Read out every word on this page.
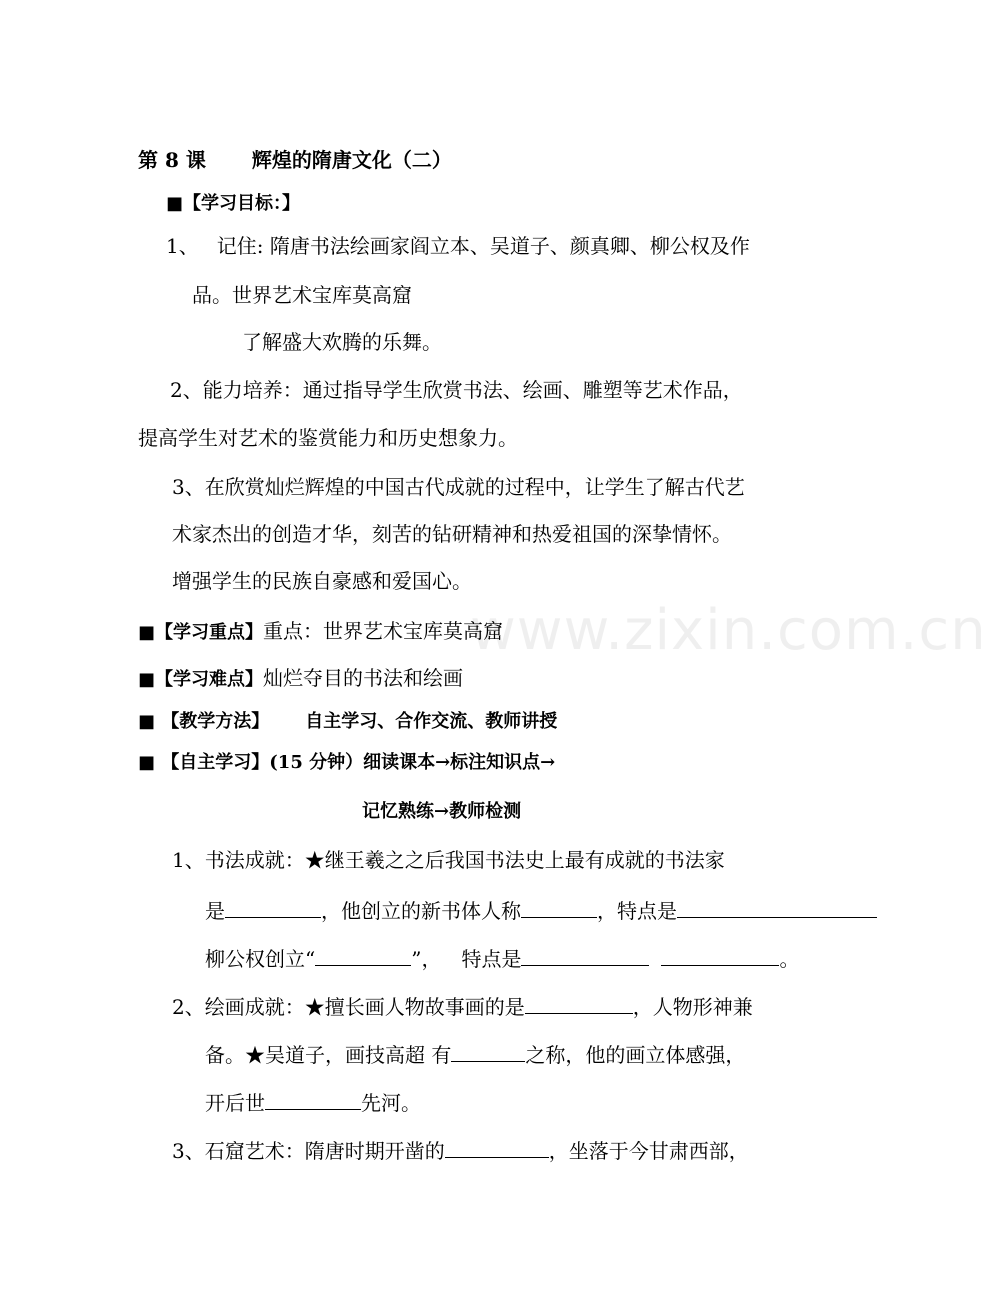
www.zixin.com.cn
第 8 课 辉煌的隋唐文化（二）
■【学习目标：】
1、 记住: 隋唐书法绘画家阎立本、吴道子、颜真卿、柳公权及作
品。世界艺术宝库莫高窟
了解盛大欢腾的乐舞。
2、能力培养：通过指导学生欣赏书法、绘画、雕塑等艺术作品，
提高学生对艺术的鉴赏能力和历史想象力。
3、在欣赏灿烂辉煌的中国古代成就的过程中，让学生了解古代艺
术家杰出的创造才华，刻苦的钻研精神和热爱祖国的深挚情怀。
增强学生的民族自豪感和爱国心。
■【学习重点】重点：世界艺术宝库莫高窟
■【学习难点】灿烂夺目的书法和绘画
■ 【教学方法】 自主学习、合作交流、教师讲授
■ 【自主学习】(15 分钟）细读课本→标注知识点→
记忆熟练→教师检测
1、书法成就：★继王羲之之后我国书法史上最有成就的书法家
是	，他创立的新书体人称	，特点是
柳公权创立“	”， 特点是	。
2、绘画成就：★擅长画人物故事画的是	，人物形神兼
备。★吴道子，画技高超 有	之称，他的画立体感强，
开后世	先河。
3、石窟艺术：隋唐时期开凿的	，坐落于今甘肃西部，
